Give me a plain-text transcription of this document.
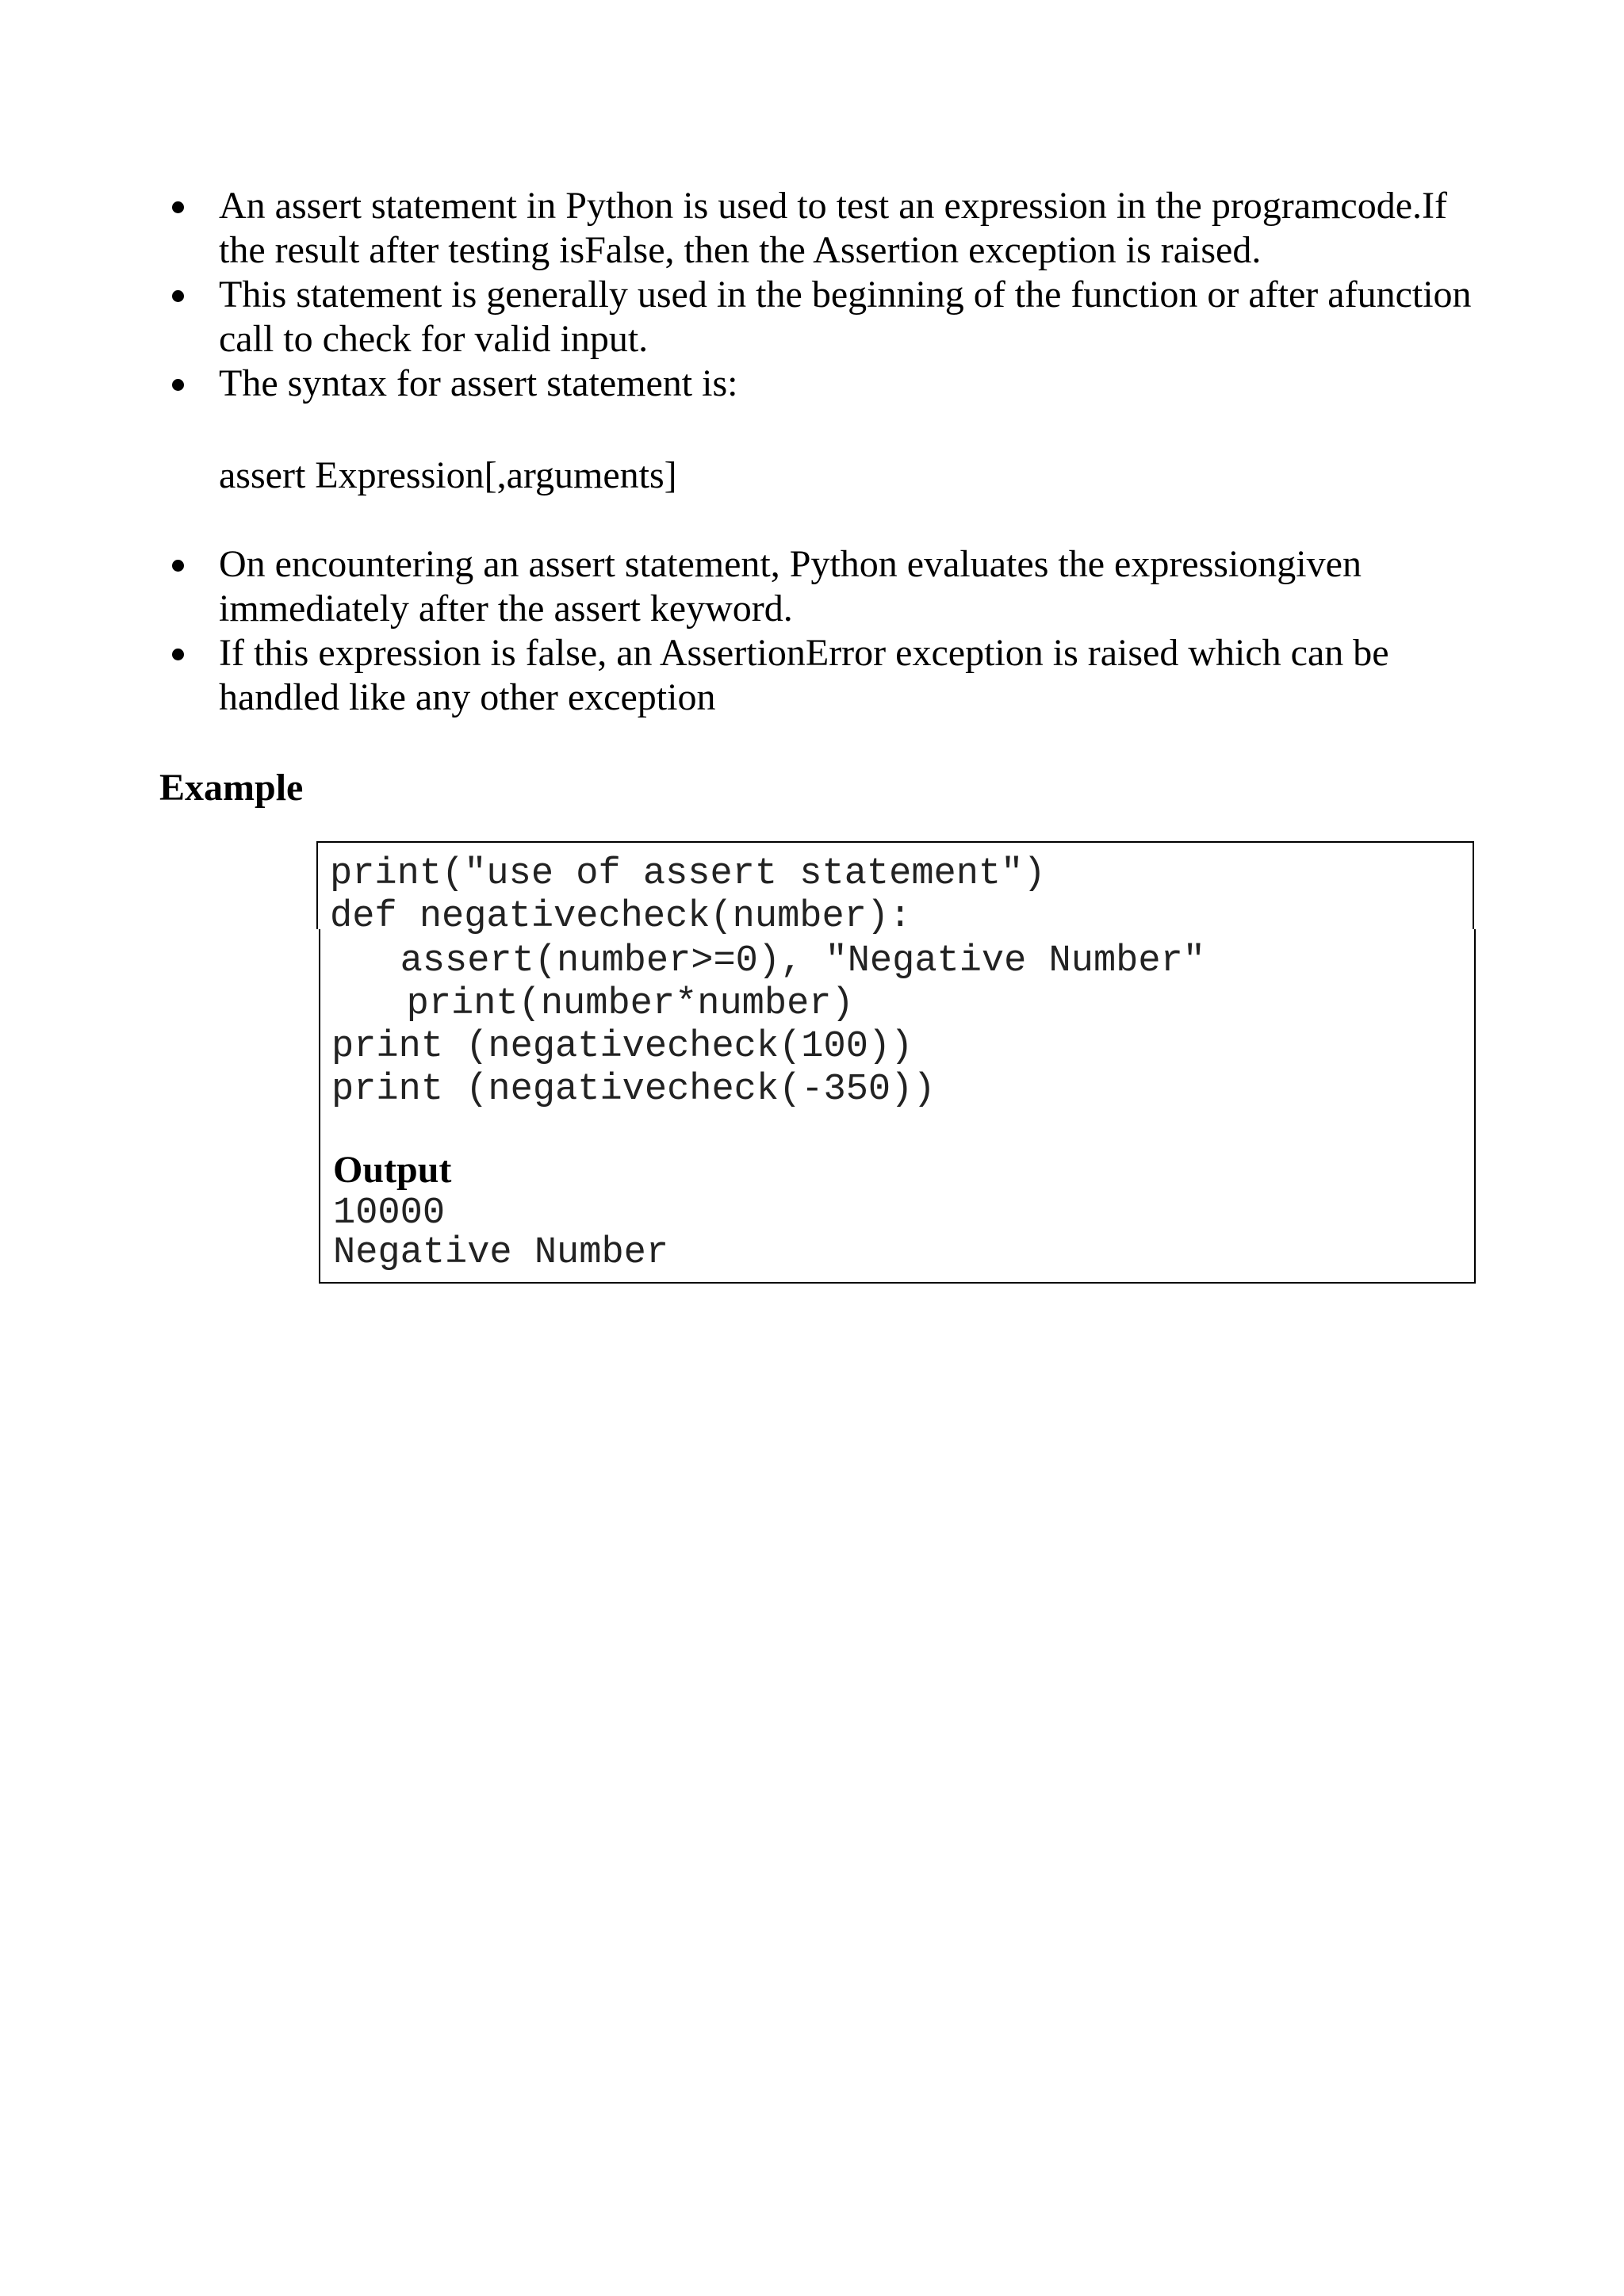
An assert statement in Python is used to test an expression in the programcode.If the result after testing isFalse, then the Assertion exception is raised.
This statement is generally used in the beginning of the function or after afunction call to check for valid input.
The syntax for assert statement is:
assert Expression[,arguments]
On encountering an assert statement, Python evaluates the expressiongiven immediately after the assert keyword.
If this expression is false, an AssertionError exception is raised which can be handled like any other exception
Example
print("use of assert statement")
def negativecheck(number):
assert(number>=0), "Negative Number"
print(number*number)
print (negativecheck(100))
print (negativecheck(-350))
Output
10000
Negative Number
